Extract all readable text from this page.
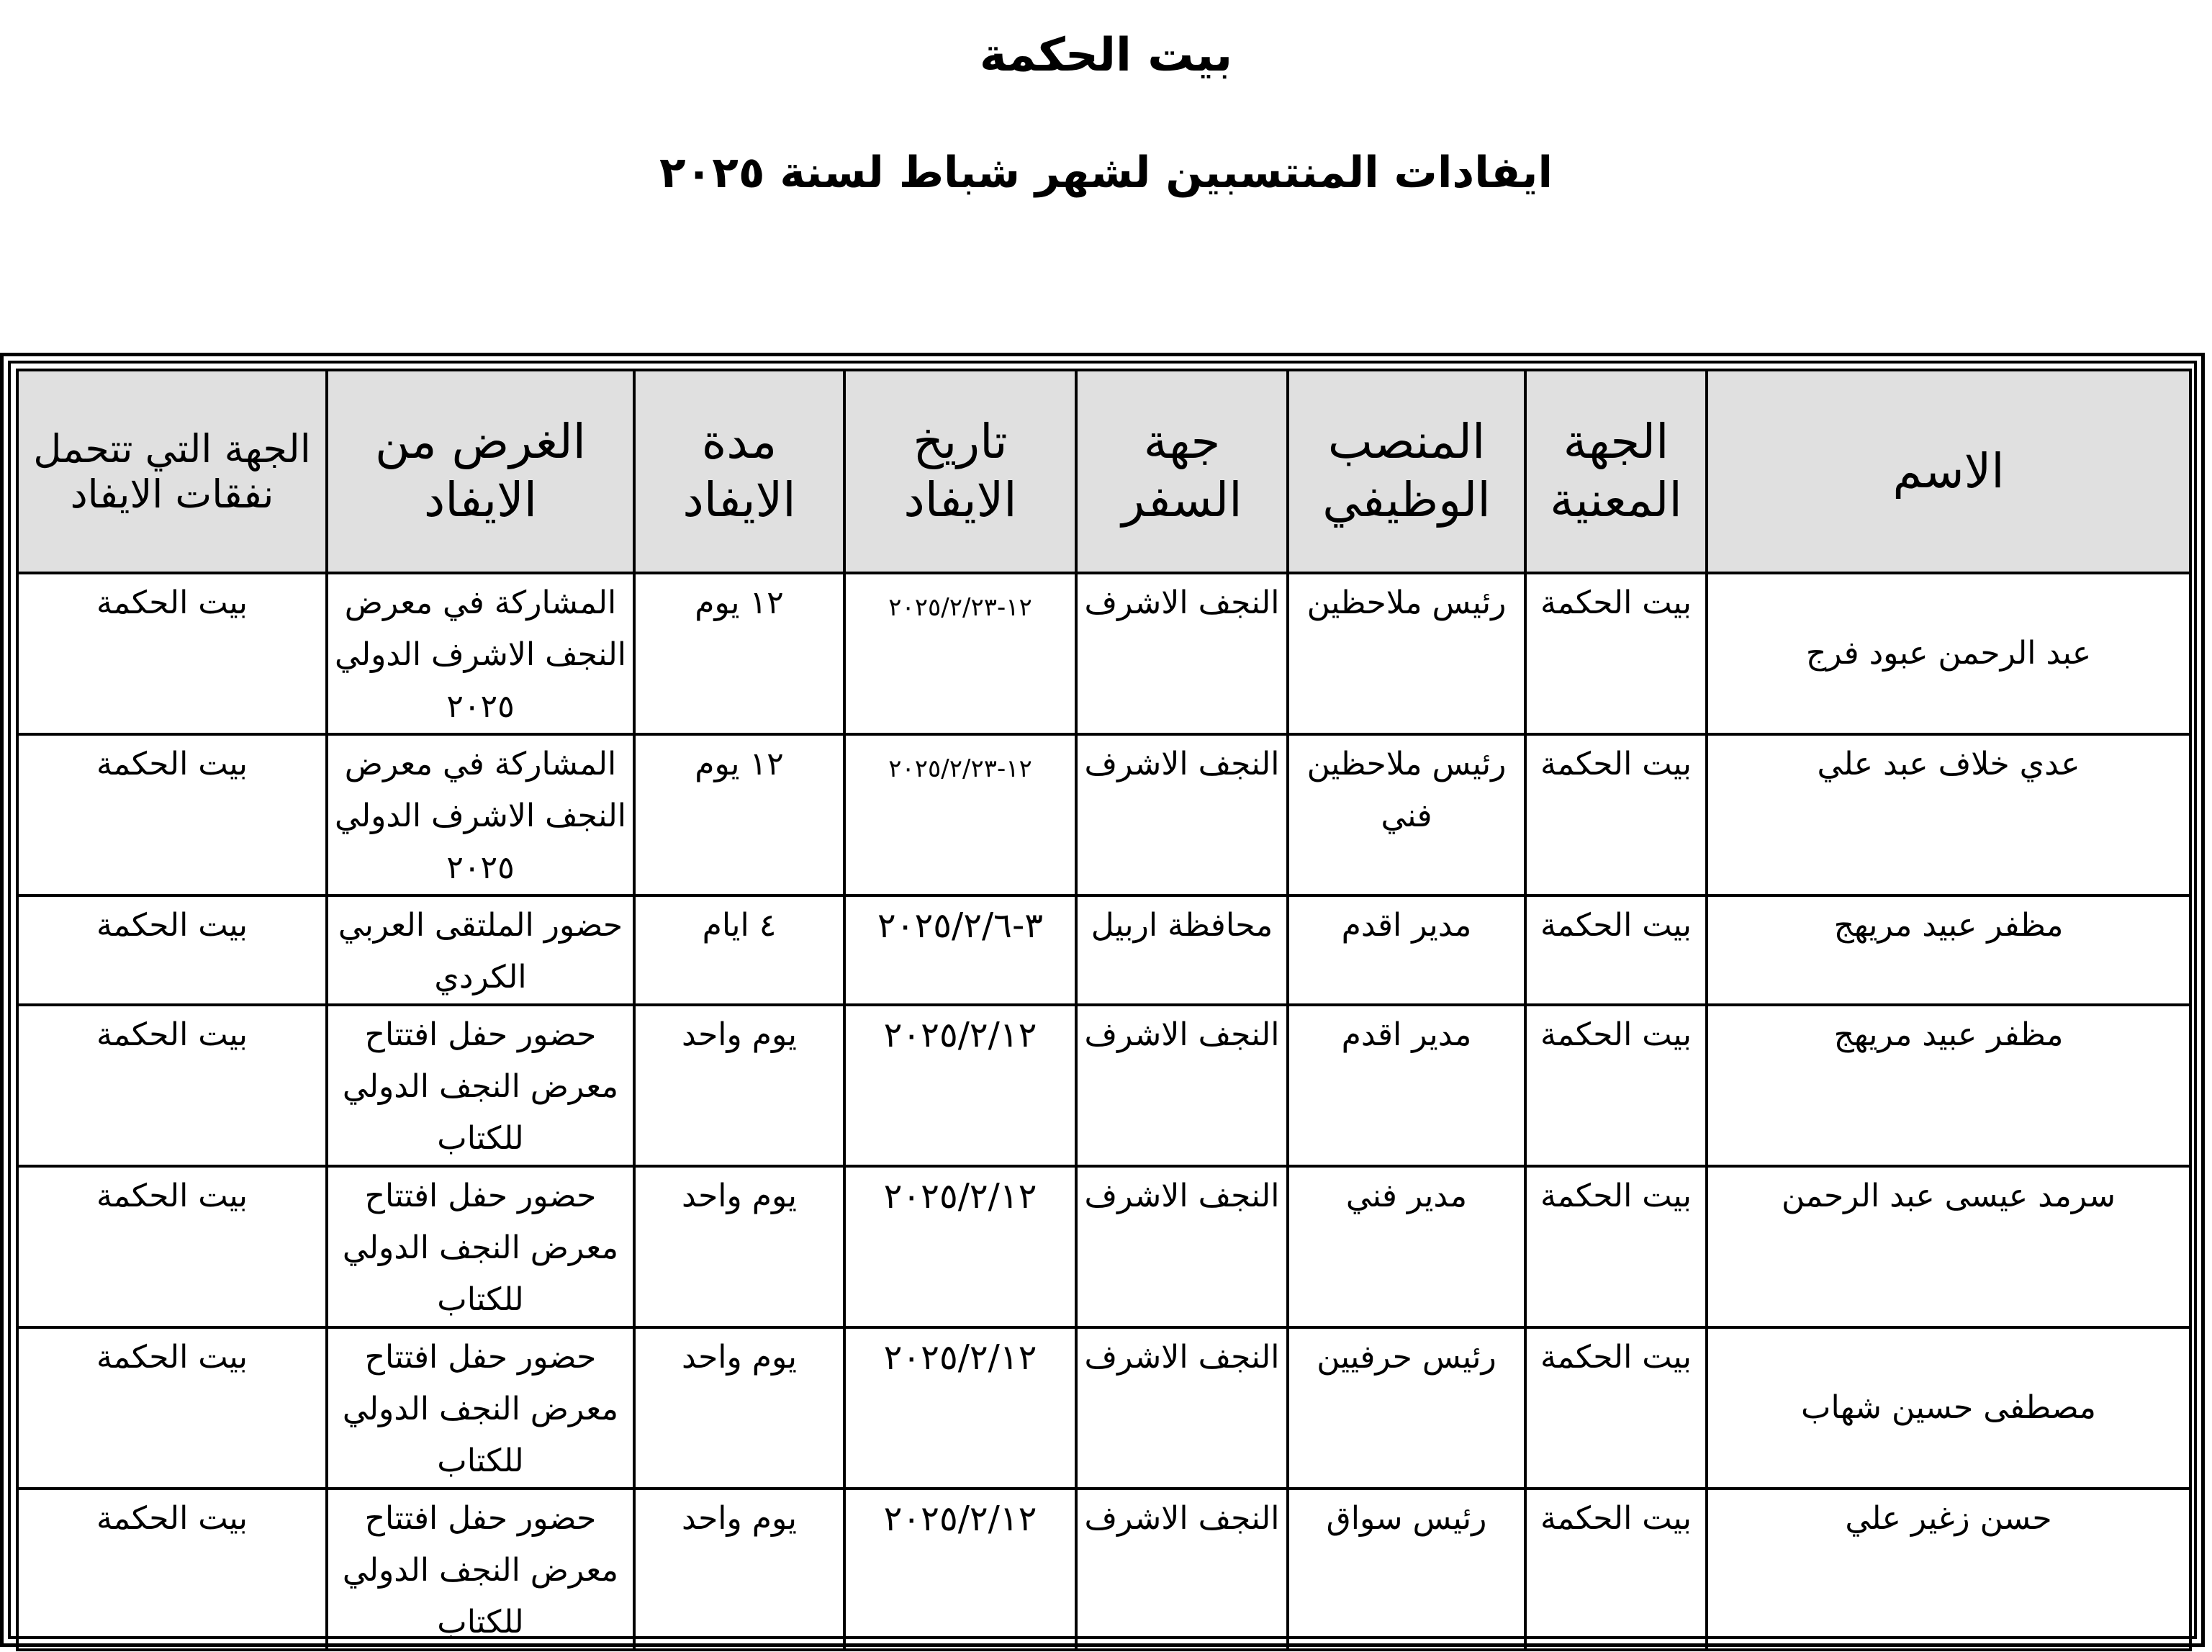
بيت الحكمة
ايفادات المنتسبين لشهر شباط لسنة ٢٠٢٥
الاسم	الجهة المعنية	المنصب الوظيفي	جهة السفر	تاريخ الايفاد	مدة الايفاد	الغرض من الايفاد	الجهة التي تتحمل نفقات الايفاد
عبد الرحمن عبود فرج	بيت الحكمة	رئيس ملاحظين	النجف الاشرف	١٢-٢٠٢٥/٢/٢٣	١٢ يوم	المشاركة في معرض النجف الاشرف الدولي ٢٠٢٥	بيت الحكمة
عدي خلاف عبد علي	بيت الحكمة	رئيس ملاحظين فني	النجف الاشرف	١٢-٢٠٢٥/٢/٢٣	١٢ يوم	المشاركة في معرض النجف الاشرف الدولي ٢٠٢٥	بيت الحكمة
مظفر عبيد مريهج	بيت الحكمة	مدير اقدم	محافظة اربيل	٣-٢٠٢٥/٢/٦	٤ ايام	حضور الملتقى العربي الكردي	بيت الحكمة
مظفر عبيد مريهج	بيت الحكمة	مدير اقدم	النجف الاشرف	٢٠٢٥/٢/١٢	يوم واحد	حضور حفل افتتاح معرض النجف الدولي للكتاب	بيت الحكمة
سرمد عيسى عبد الرحمن	بيت الحكمة	مدير فني	النجف الاشرف	٢٠٢٥/٢/١٢	يوم واحد	حضور حفل افتتاح معرض النجف الدولي للكتاب	بيت الحكمة
مصطفى حسين شهاب	بيت الحكمة	رئيس حرفيين	النجف الاشرف	٢٠٢٥/٢/١٢	يوم واحد	حضور حفل افتتاح معرض النجف الدولي للكتاب	بيت الحكمة
حسن زغير علي	بيت الحكمة	رئيس سواق	النجف الاشرف	٢٠٢٥/٢/١٢	يوم واحد	حضور حفل افتتاح معرض النجف الدولي للكتاب	بيت الحكمة
